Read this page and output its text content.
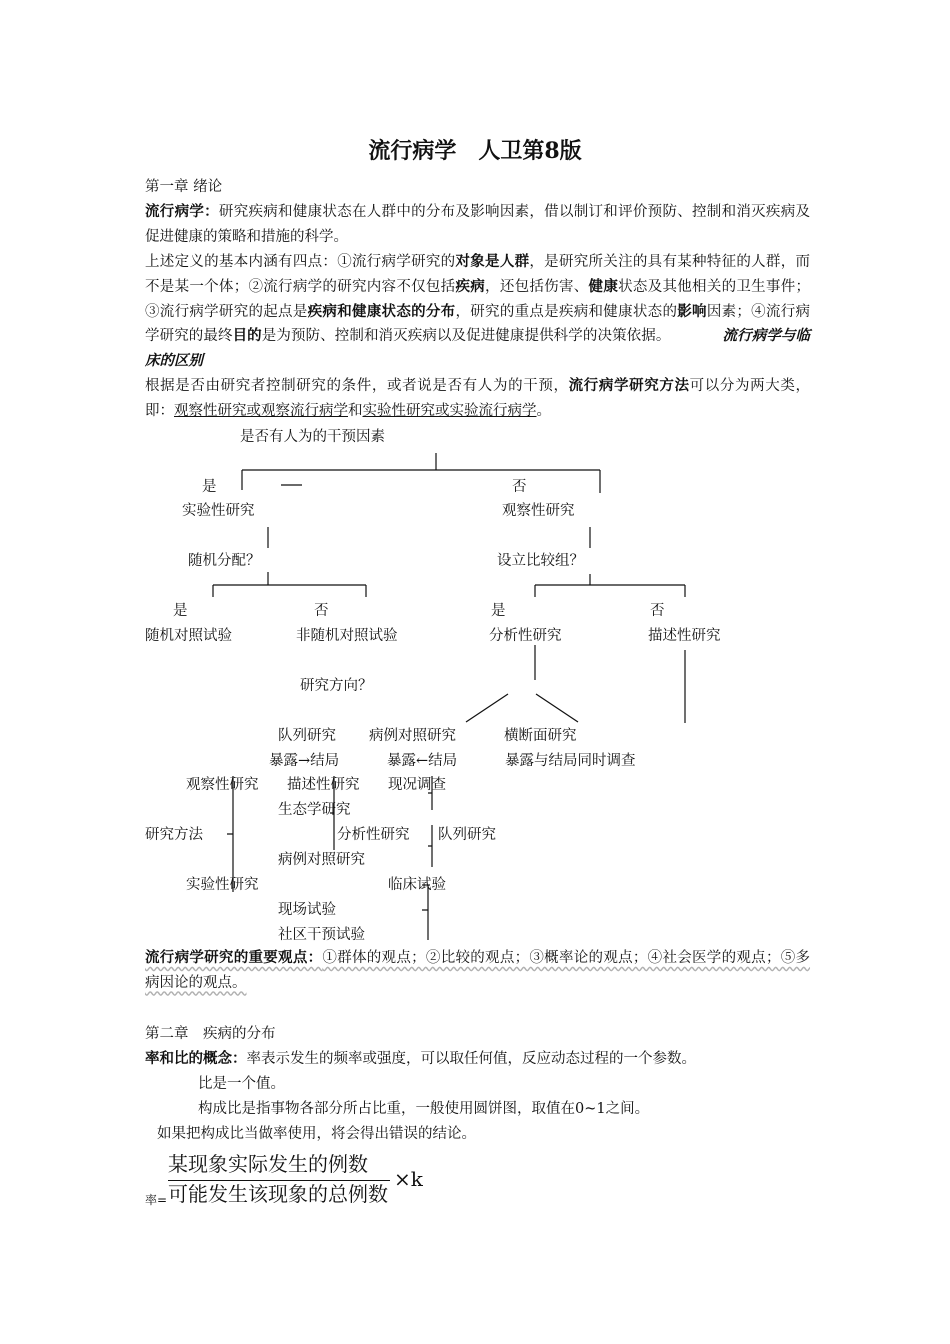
流行病学　人卫第8版
第一章 绪论
流行病学：研究疾病和健康状态在人群中的分布及影响因素，借以制订和评价预防、控制和消灭疾病及促进健康的策略和措施的科学。
上述定义的基本内涵有四点：①流行病学研究的对象是人群，是研究所关注的具有某种特征的人群，而不是某一个体；②流行病学的研究内容不仅包括疾病，还包括伤害、健康状态及其他相关的卫生事件；③流行病学研究的起点是疾病和健康状态的分布，研究的重点是疾病和健康状态的影响因素；④流行病学研究的最终目的是为预防、控制和消灭疾病以及促进健康提供科学的决策依据。	流行病学与临床的区别
根据是否由研究者控制研究的条件，或者说是否有人为的干预，流行病学研究方法可以分为两大类，即：观察性研究或观察流行病学和实验性研究或实验流行病学。
是否有人为的干预因素
是	否
实验性研究	观察性研究
随机分配？	设立比较组？
是	否	是	否
随机对照试验	非随机对照试验	分析性研究	描述性研究
研究方向？
队列研究 病例对照研究	横断面研究
暴露→结局	暴露←结局	暴露与结局同时调查
观察性研究 描述性研究 现况调查
生态学研究
研究方法	分析性研究 队列研究
病例对照研究
实验性研究	临床试验
现场试验
社区干预试验
流行病学研究的重要观点：①群体的观点；②比较的观点；③概率论的观点；④社会医学的观点；⑤多病因论的观点。
第二章　疾病的分布
率和比的概念：率表示发生的频率或强度，可以取任何值，反应动态过程的一个参数。
比是一个值。
构成比是指事物各部分所占比重，一般使用圆饼图，取值在0~1之间。
如果把构成比当做率使用，将会得出错误的结论。
某现象实际发生的例数
可能发生该现象的总例数
×k
率=
